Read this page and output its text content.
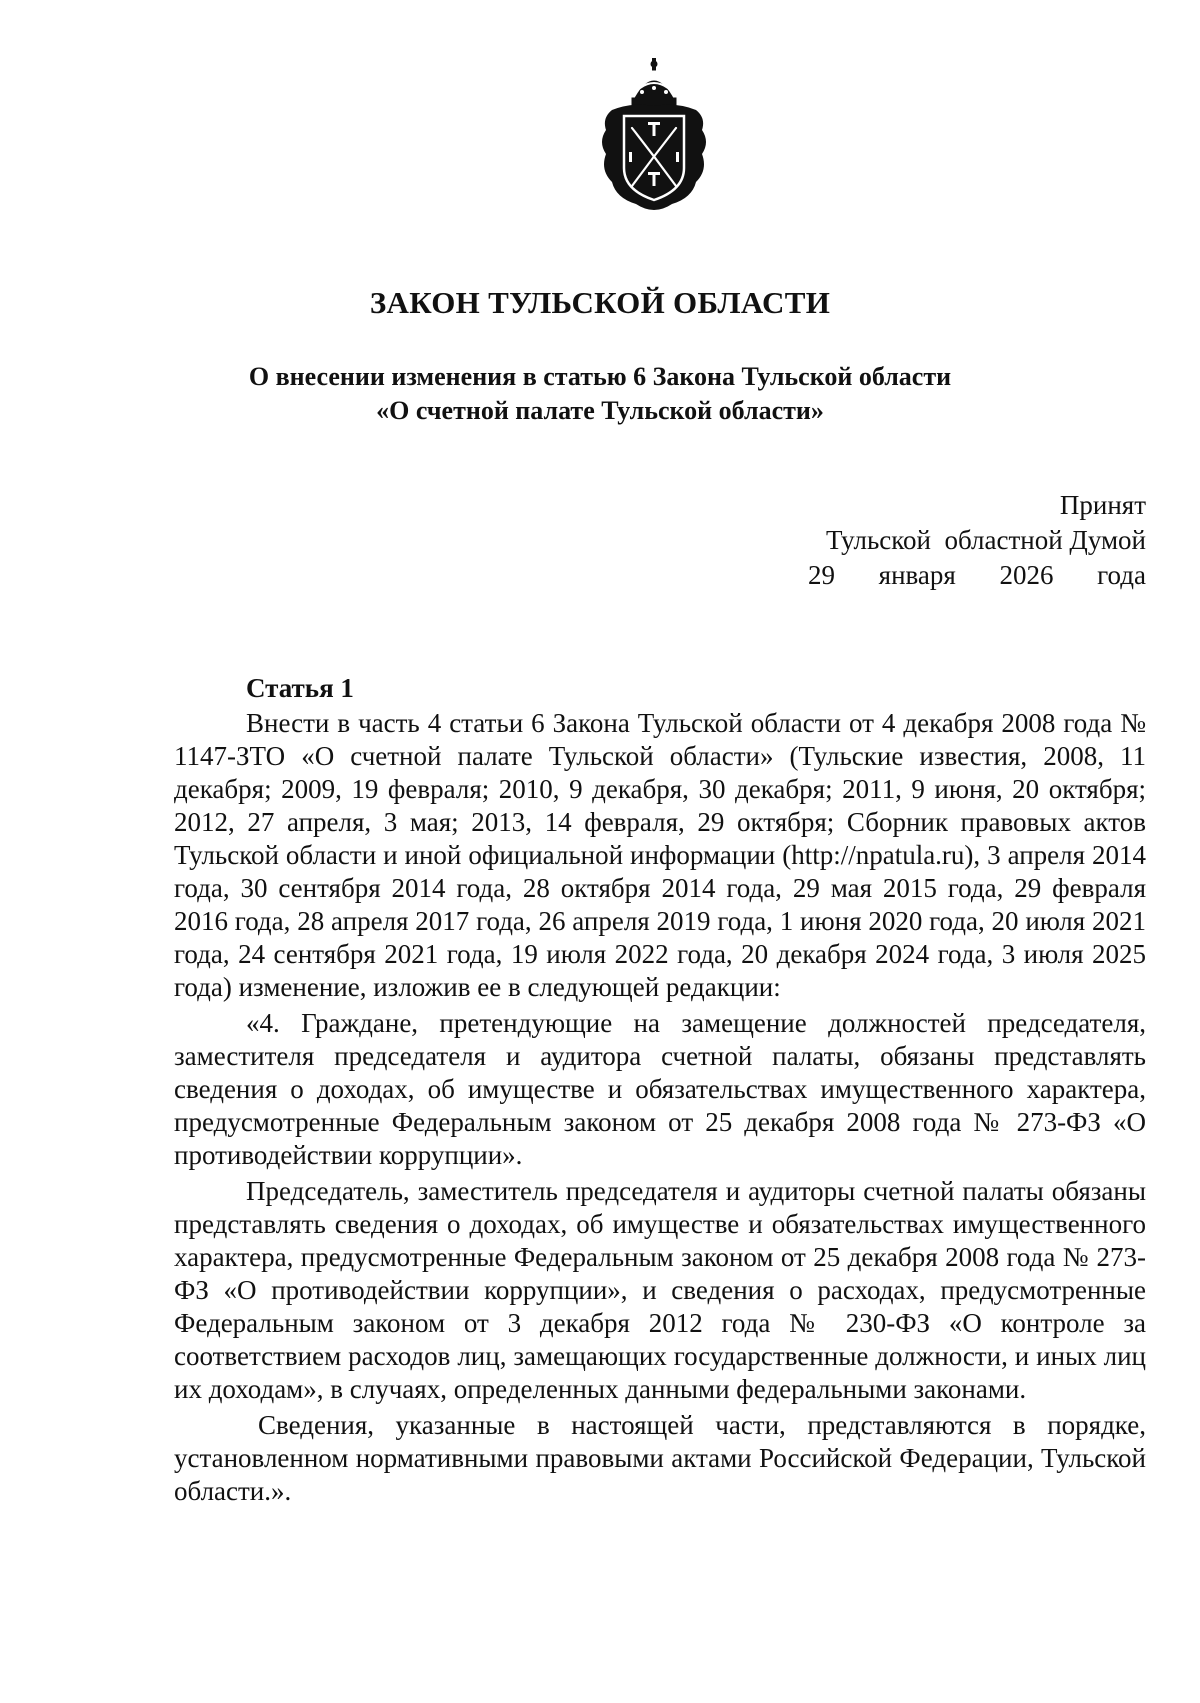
ЗАКОН ТУЛЬСКОЙ ОБЛАСТИ
О внесении изменения в статью 6 Закона Тульской области
«О счетной палате Тульской области»
Принят
Тульской  областной Думой
29 января 2026 года
Статья 1

Внести в часть 4 статьи 6 Закона Тульской области от 4 декабря 2008 года № 1147-ЗТО «О счетной палате Тульской области» (Тульские известия, 2008, 11 декабря; 2009, 19 февраля; 2010, 9 декабря, 30 декабря; 2011, 9 июня, 20 октября; 2012, 27 апреля, 3 мая; 2013, 14 февраля, 29 октября; Сборник правовых актов Тульской области и иной официальной информации (http://npatula.ru), 3 апреля 2014 года, 30 сентября 2014 года, 28 октября 2014 года, 29 мая 2015 года, 29 февраля 2016 года, 28 апреля 2017 года, 26 апреля 2019 года, 1 июня 2020 года, 20 июля 2021 года, 24 сентября 2021 года, 19 июля 2022 года, 20 декабря 2024 года, 3 июля 2025 года) изменение, изложив ее в следующей редакции:

«4. Граждане, претендующие на замещение должностей председателя, заместителя председателя и аудитора счетной палаты, обязаны представлять сведения о доходах, об имуществе и обязательствах имущественного характера, предусмотренные Федеральным законом от 25 декабря 2008 года № 273-ФЗ «О противодействии коррупции».

Председатель, заместитель председателя и аудиторы счетной палаты обязаны представлять сведения о доходах, об имуществе и обязательствах имущественного характера, предусмотренные Федеральным законом от 25 декабря 2008 года № 273-ФЗ «О противодействии коррупции», и сведения о расходах, предусмотренные Федеральным законом от 3 декабря 2012 года № 230-ФЗ «О контроле за соответствием расходов лиц, замещающих государственные должности, и иных лиц их доходам», в случаях, определенных данными федеральными законами.

Сведения, указанные в настоящей части, представляются в порядке, установленном нормативными правовыми актами Российской Федерации, Тульской области.».
